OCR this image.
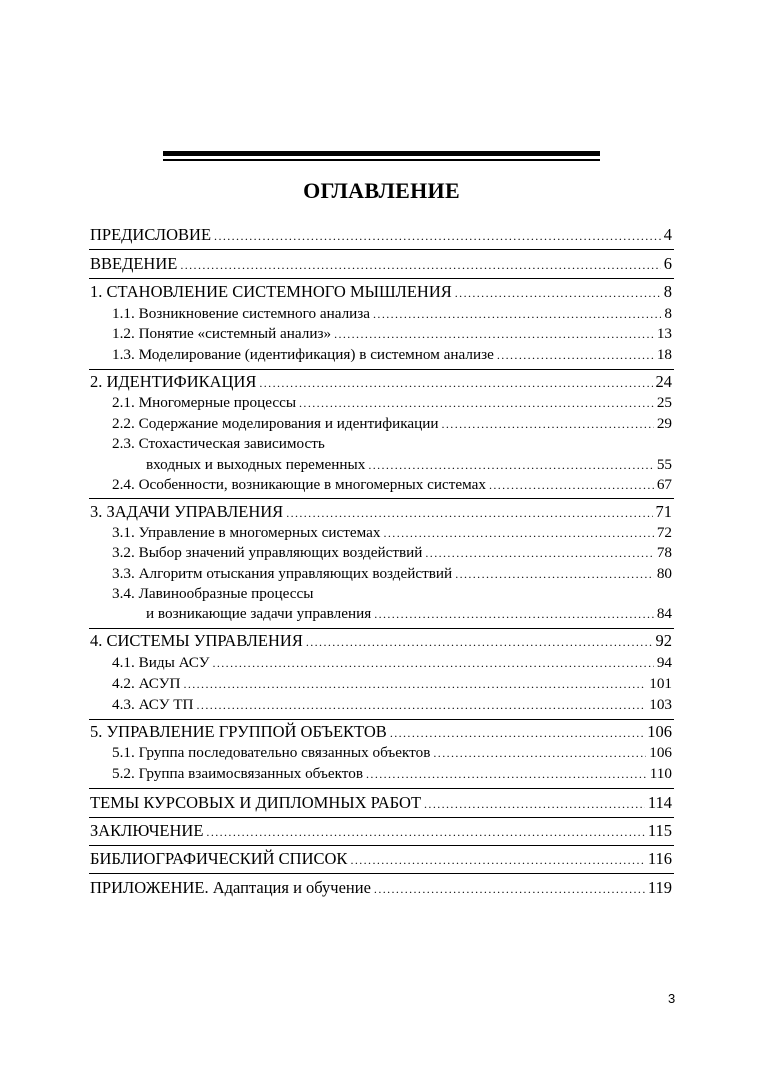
ОГЛАВЛЕНИЕ
ПРЕДИСЛОВИЕ .....	4
ВВЕДЕНИЕ .....	6
1. СТАНОВЛЕНИЕ СИСТЕМНОГО МЫШЛЕНИЯ .....	8
1.1. Возникновение системного анализа .....	8
1.2. Понятие «системный анализ» .....	13
1.3. Моделирование (идентификация) в системном анализе .....	18
2. ИДЕНТИФИКАЦИЯ .....	24
2.1. Многомерные процессы .....	25
2.2. Содержание моделирования и идентификации .....	29
2.3. Стохастическая зависимость
входных и выходных переменных .....	55
2.4. Особенности, возникающие в многомерных системах .....	67
3. ЗАДАЧИ УПРАВЛЕНИЯ .....	71
3.1. Управление в многомерных системах .....	72
3.2. Выбор значений управляющих воздействий .....	78
3.3. Алгоритм отыскания управляющих воздействий .....	80
3.4. Лавинообразные процессы
и возникающие задачи управления .....	84
4. СИСТЕМЫ УПРАВЛЕНИЯ .....	92
4.1. Виды АСУ .....	94
4.2. АСУП .....	101
4.3. АСУ ТП .....	103
5. УПРАВЛЕНИЕ ГРУППОЙ ОБЪЕКТОВ .....	106
5.1. Группа последовательно связанных объектов .....	106
5.2. Группа взаимосвязанных объектов .....	110
ТЕМЫ КУРСОВЫХ И ДИПЛОМНЫХ РАБОТ .....	114
ЗАКЛЮЧЕНИЕ .....	115
БИБЛИОГРАФИЧЕСКИЙ СПИСОК .....	116
ПРИЛОЖЕНИЕ. Адаптация и обучение .....	119
3
